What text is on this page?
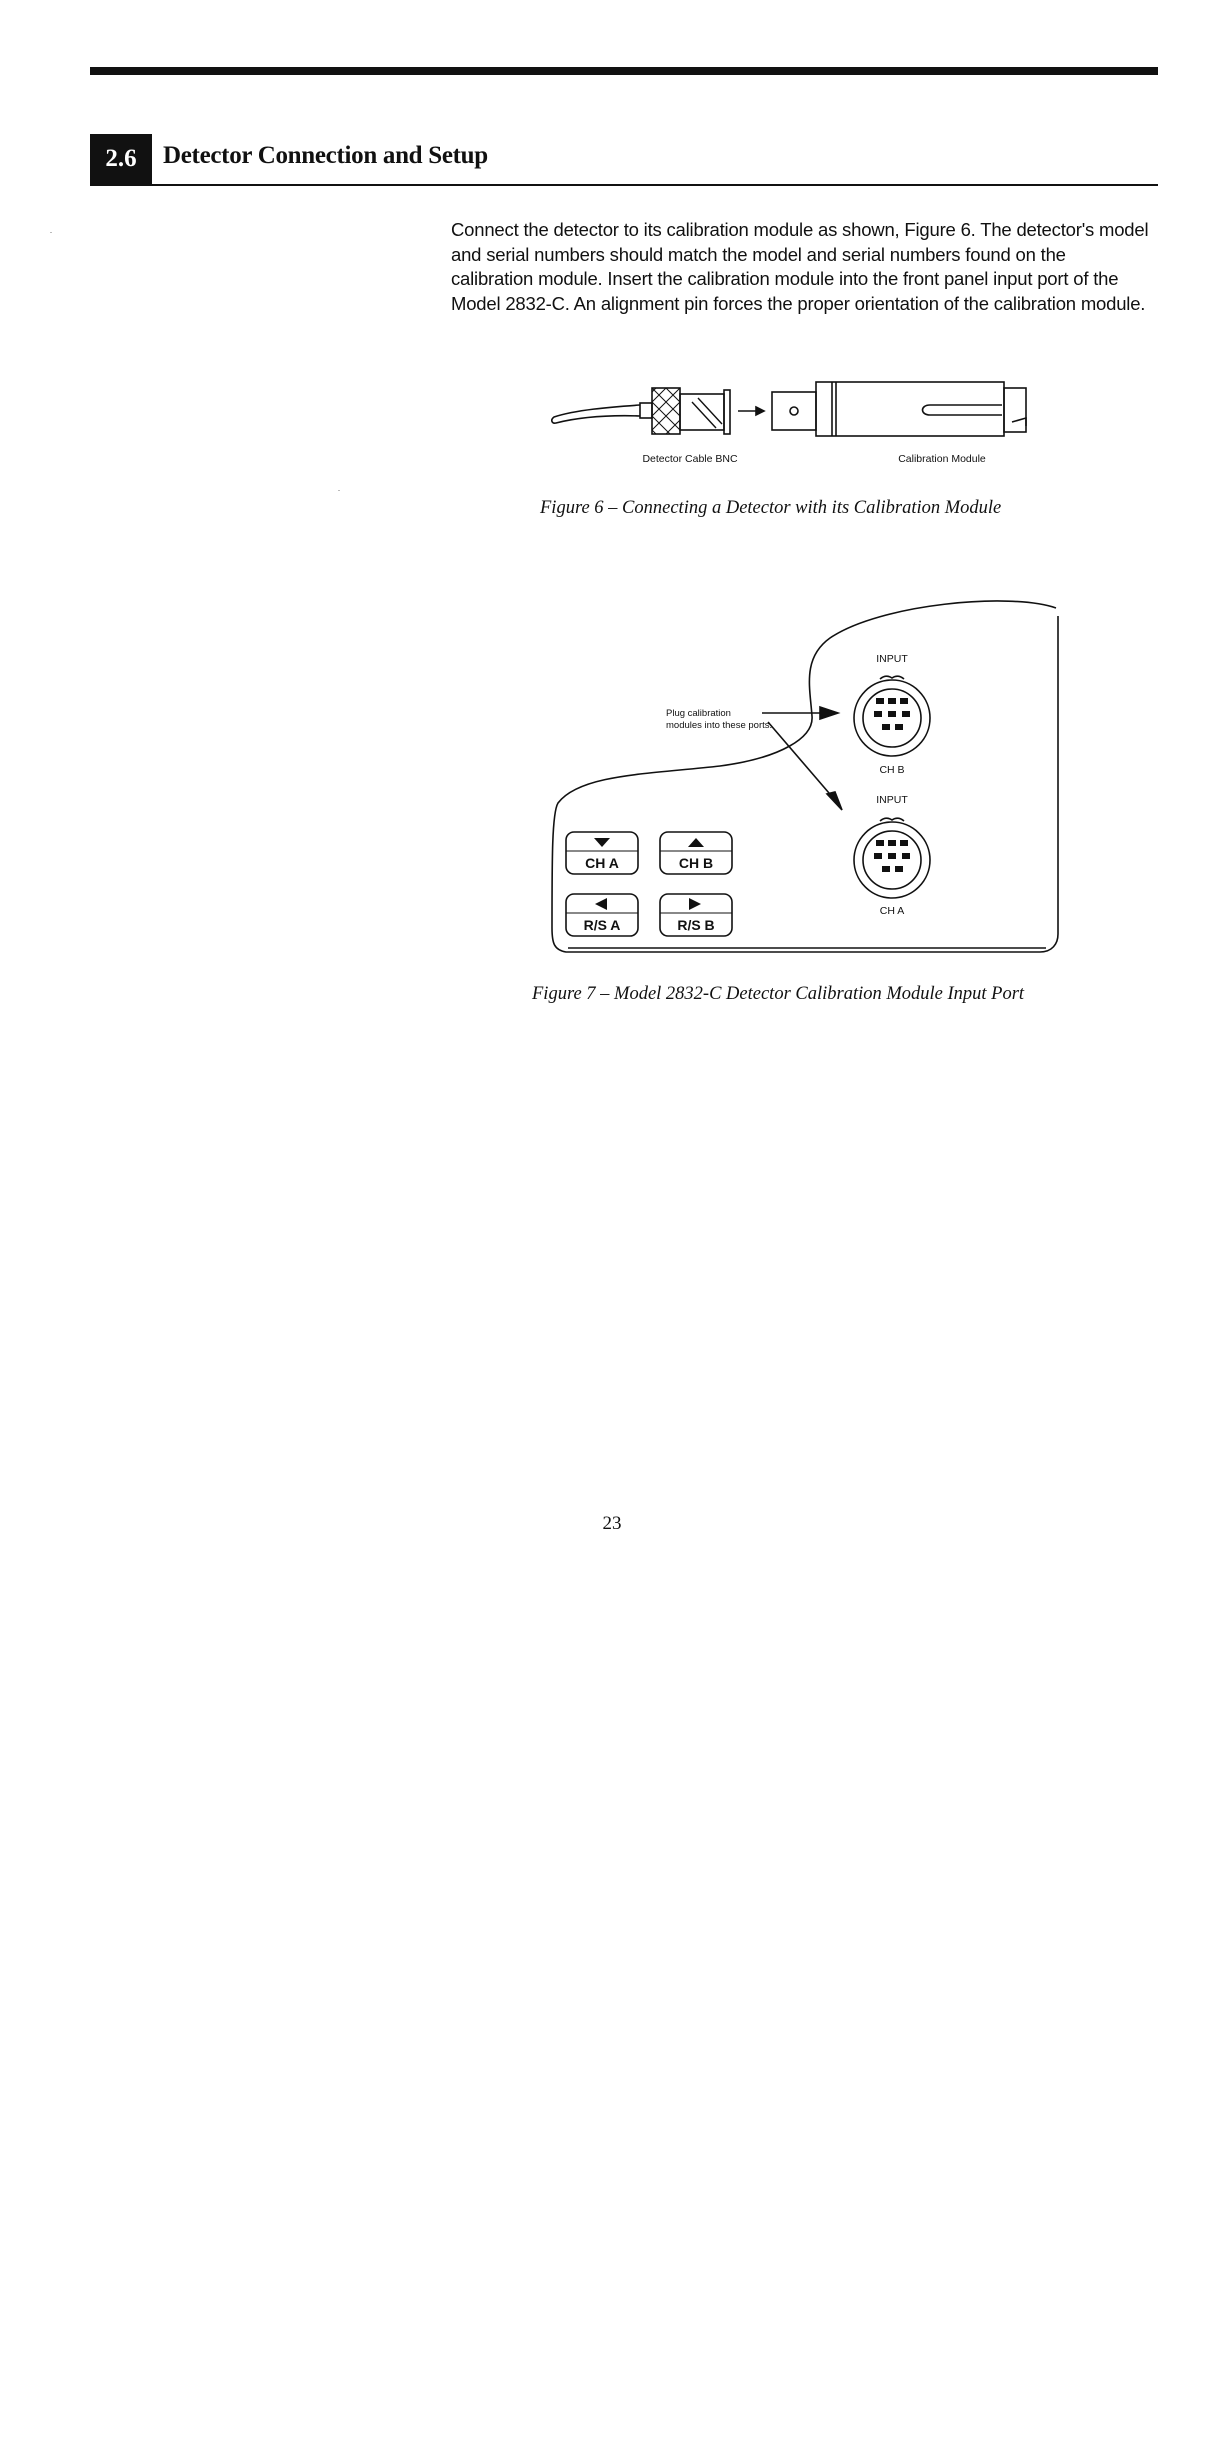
2.6	Detector Connection and Setup
Connect the detector to its calibration module as shown, Figure 6. The detector's model and serial numbers should match the model and serial numbers found on the calibration module. Insert the calibration module into the front panel input port of the Model 2832-C. An alignment pin forces the proper orientation of the calibration module.
Detector Cable BNC	Calibration Module
Figure 6 – Connecting a Detector with its Calibration Module
INPUT
CH B
INPUT
CH A
Plug calibration
modules into these ports.
CH A	CH B
R/S A	R/S B
Figure 7 – Model 2832-C Detector Calibration Module Input Port
23
